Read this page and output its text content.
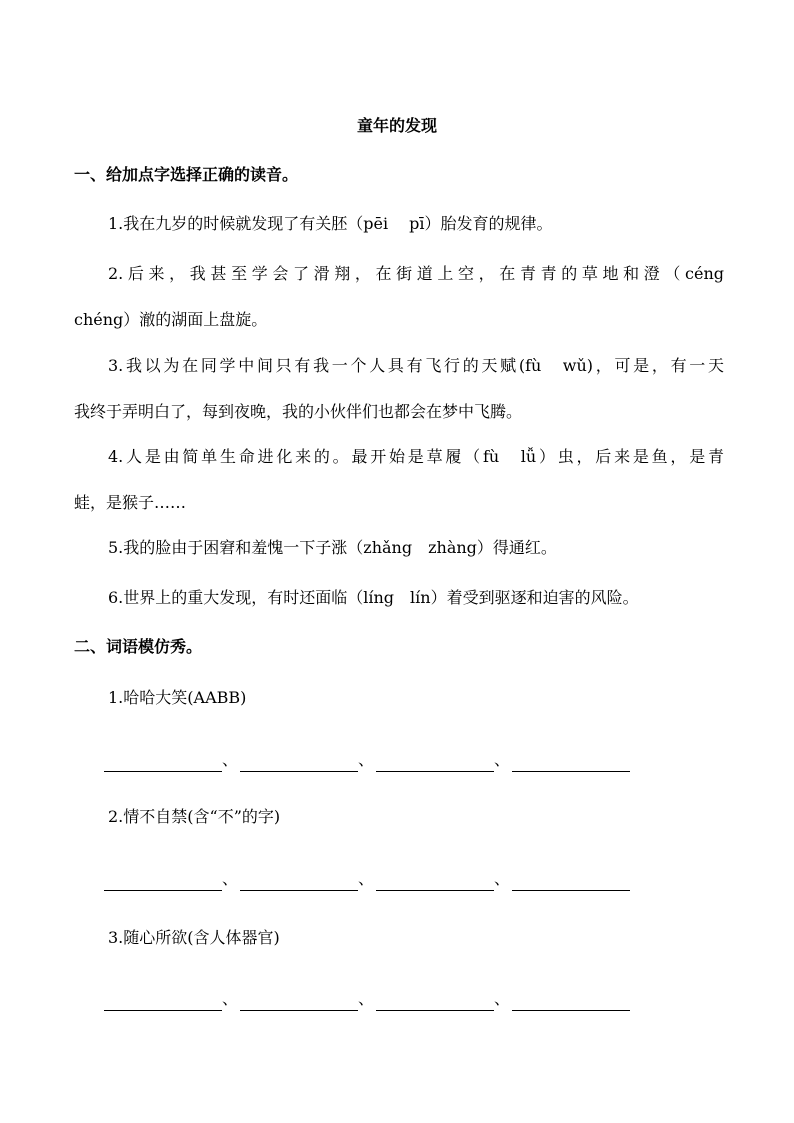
童年的发现
一、给加点字选择正确的读音。
1.我在九岁的时候就发现了有关胚（pēi　 pī）胎发育的规律。
2.后来，我甚至学会了滑翔，在街道上空，在青青的草地和澄（céng
chéng）澈的湖面上盘旋。
3.我以为在同学中间只有我一个人具有飞行的天赋(fù　wǔ)，可是，有一天
我终于弄明白了，每到夜晚，我的小伙伴们也都会在梦中飞腾。
4.人是由简单生命进化来的。最开始是草履（fù　lǚ）虫，后来是鱼，是青
蛙，是猴子……
5.我的脸由于困窘和羞愧一下子涨（zhǎng　zhàng）得通红。
6.世界上的重大发现，有时还面临（líng　lín）着受到驱逐和迫害的风险。
二、词语模仿秀。
1.哈哈大笑(AABB)
、	、	、
2.情不自禁(含“不”的字)
、	、	、
3.随心所欲(含人体器官)
、	、	、
